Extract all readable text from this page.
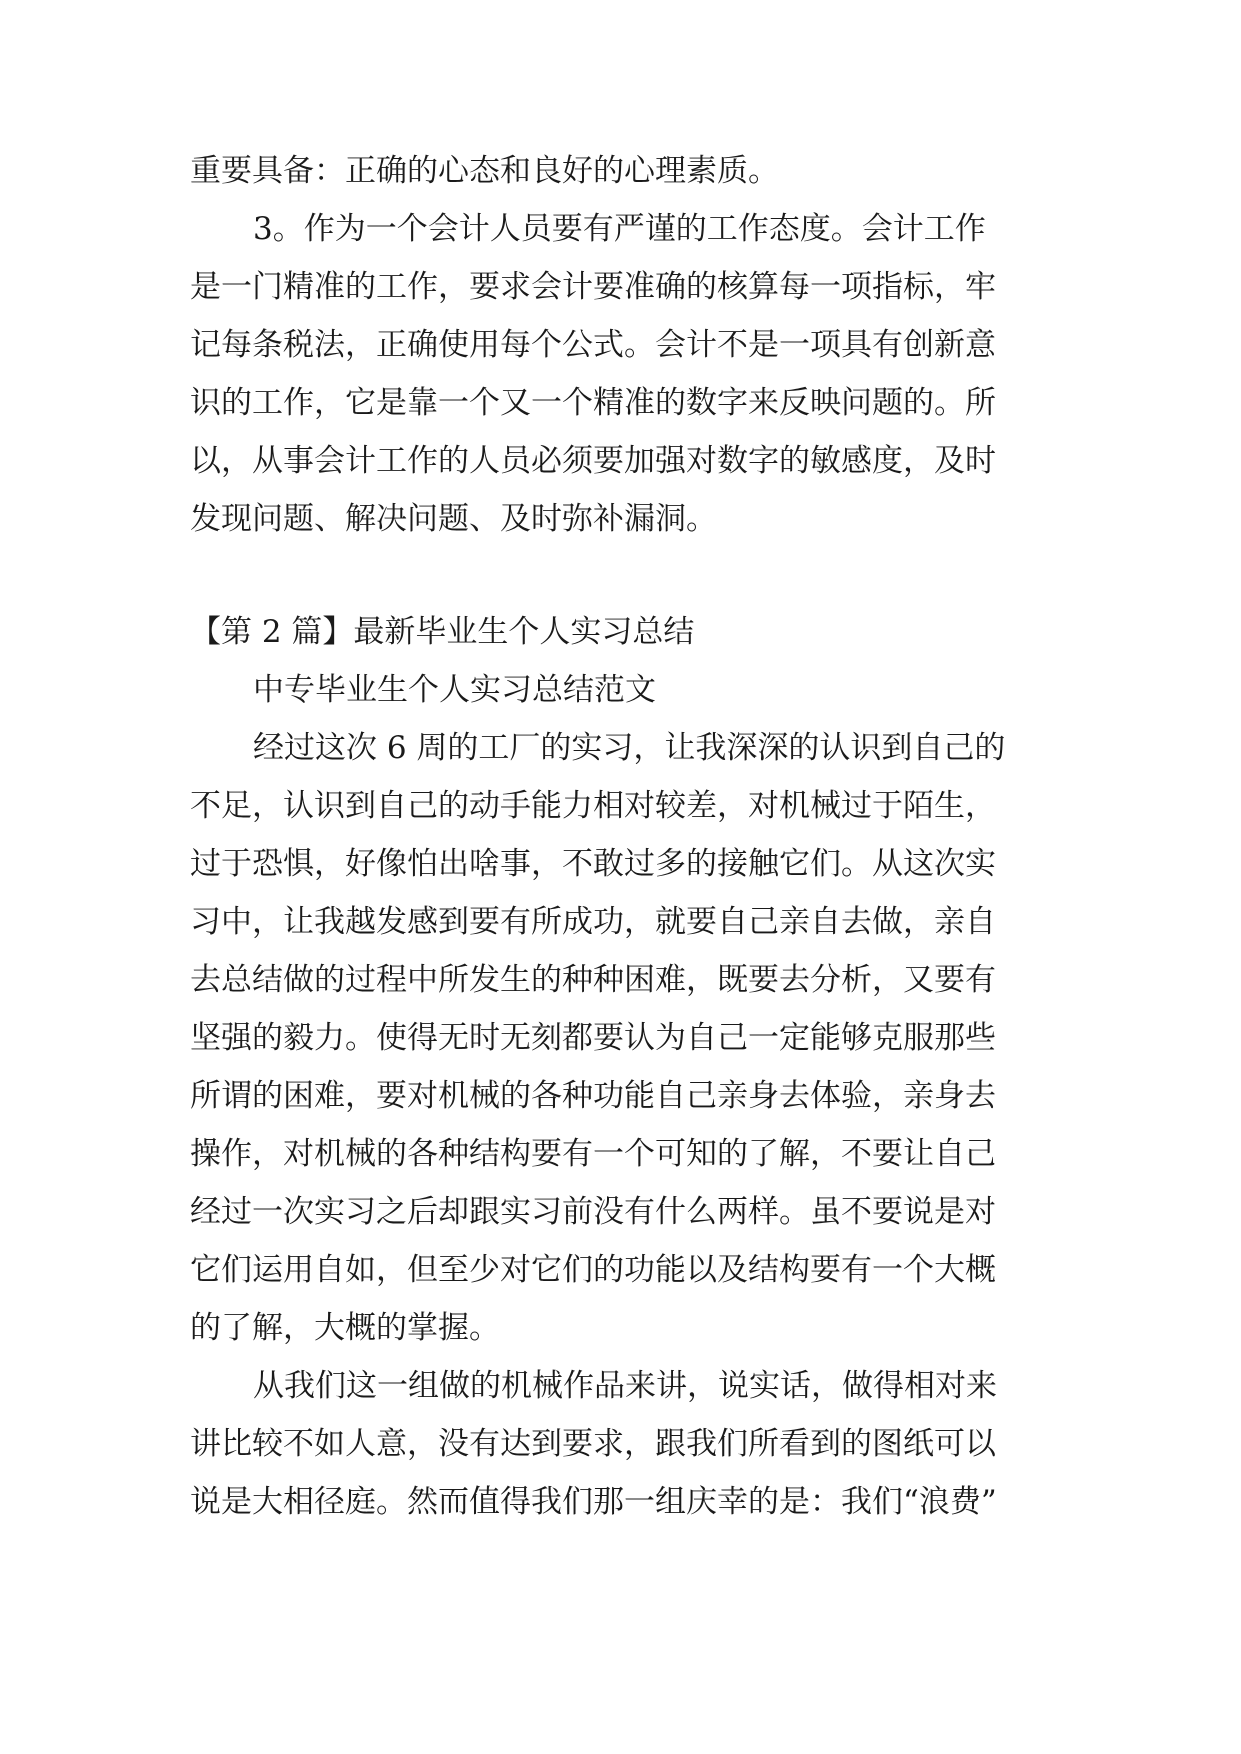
重要具备：正确的心态和良好的心理素质。
3。作为一个会计人员要有严谨的工作态度。会计工作
是一门精准的工作，要求会计要准确的核算每一项指标，牢
记每条税法，正确使用每个公式。会计不是一项具有创新意
识的工作，它是靠一个又一个精准的数字来反映问题的。所
以，从事会计工作的人员必须要加强对数字的敏感度，及时
发现问题、解决问题、及时弥补漏洞。
【第 2 篇】最新毕业生个人实习总结
中专毕业生个人实习总结范文
经过这次 6 周的工厂的实习，让我深深的认识到自己的
不足，认识到自己的动手能力相对较差，对机械过于陌生，
过于恐惧，好像怕出啥事，不敢过多的接触它们。从这次实
习中，让我越发感到要有所成功，就要自己亲自去做，亲自
去总结做的过程中所发生的种种困难，既要去分析，又要有
坚强的毅力。使得无时无刻都要认为自己一定能够克服那些
所谓的困难，要对机械的各种功能自己亲身去体验，亲身去
操作，对机械的各种结构要有一个可知的了解，不要让自己
经过一次实习之后却跟实习前没有什么两样。虽不要说是对
它们运用自如，但至少对它们的功能以及结构要有一个大概
的了解，大概的掌握。
从我们这一组做的机械作品来讲，说实话，做得相对来
讲比较不如人意，没有达到要求，跟我们所看到的图纸可以
说是大相径庭。然而值得我们那一组庆幸的是：我们“浪费”
